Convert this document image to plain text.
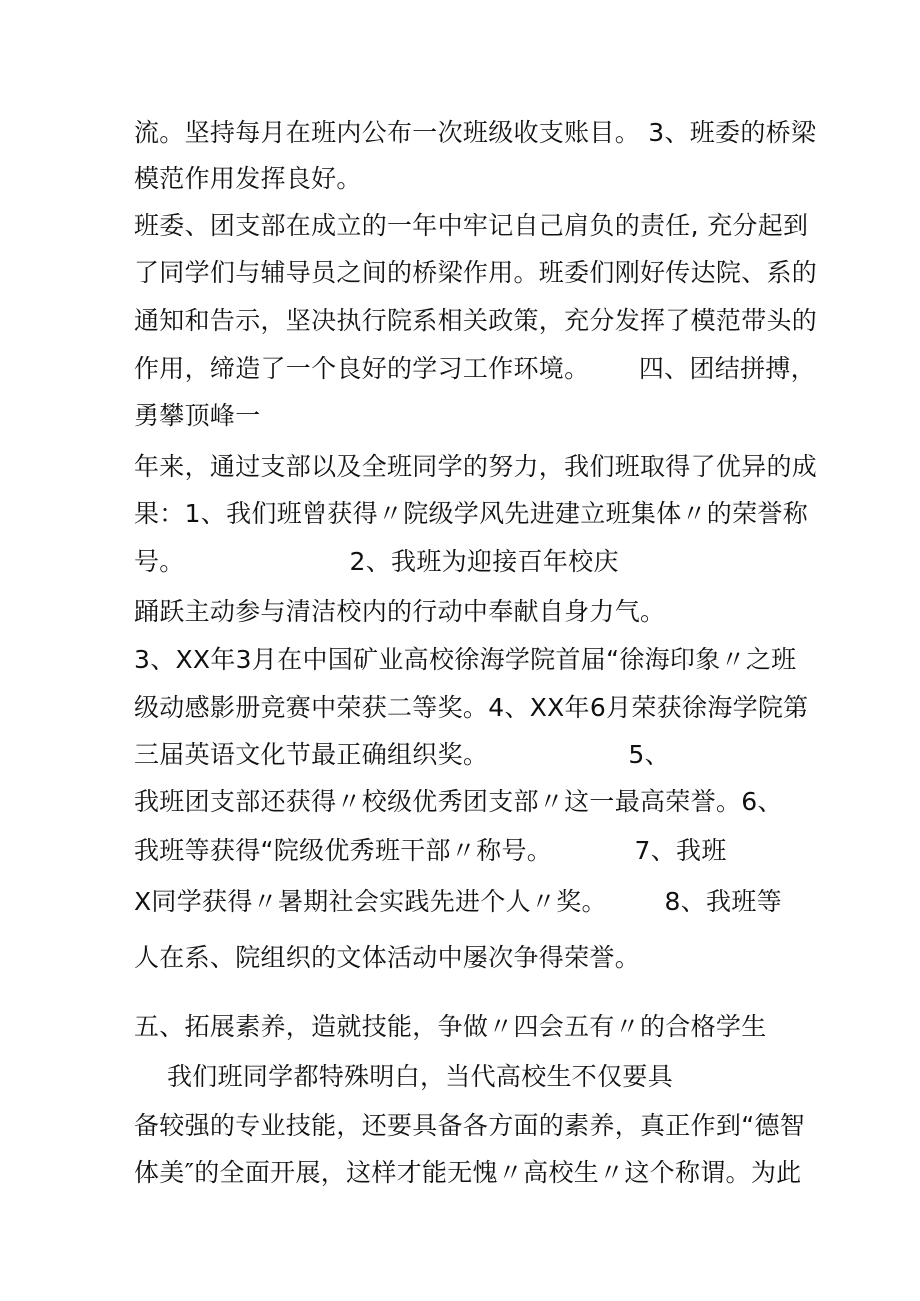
流。坚持每月在班内公布一次班级收支账目。 3、班委的桥梁
模范作用发挥良好。
班委、团支部在成立的一年中牢记自己肩负的责任, 充分起到
了同学们与辅导员之间的桥梁作用。班委们刚好传达院、系的
通知和告示，坚决执行院系相关政策，充分发挥了模范带头的
作用，缔造了一个良好的学习工作环境。      四、团结拼搏，
勇攀顶峰一
年来，通过支部以及全班同学的努力，我们班取得了优异的成
果：1、我们班曾获得〃院级学风先进建立班集体〃的荣誉称
号。                    2、我班为迎接百年校庆
踊跃主动参与清洁校内的行动中奉献自身力气。
3、XX年3月在中国矿业高校徐海学院首届“徐海印象〃之班
级动感影册竞赛中荣获二等奖。4、XX年6月荣获徐海学院第
三届英语文化节最正确组织奖。                 5、
我班团支部还获得〃校级优秀团支部〃这一最高荣誉。6、
我班等获得“院级优秀班干部〃称号。          7、我班
X同学获得〃暑期社会实践先进个人〃奖。       8、我班等
人在系、院组织的文体活动中屡次争得荣誉。
五、拓展素养，造就技能，争做〃四会五有〃的合格学生
我们班同学都特殊明白，当代高校生不仅要具
备较强的专业技能，还要具备各方面的素养，真正作到“德智
体美″的全面开展，这样才能无愧〃高校生〃这个称谓。为此
